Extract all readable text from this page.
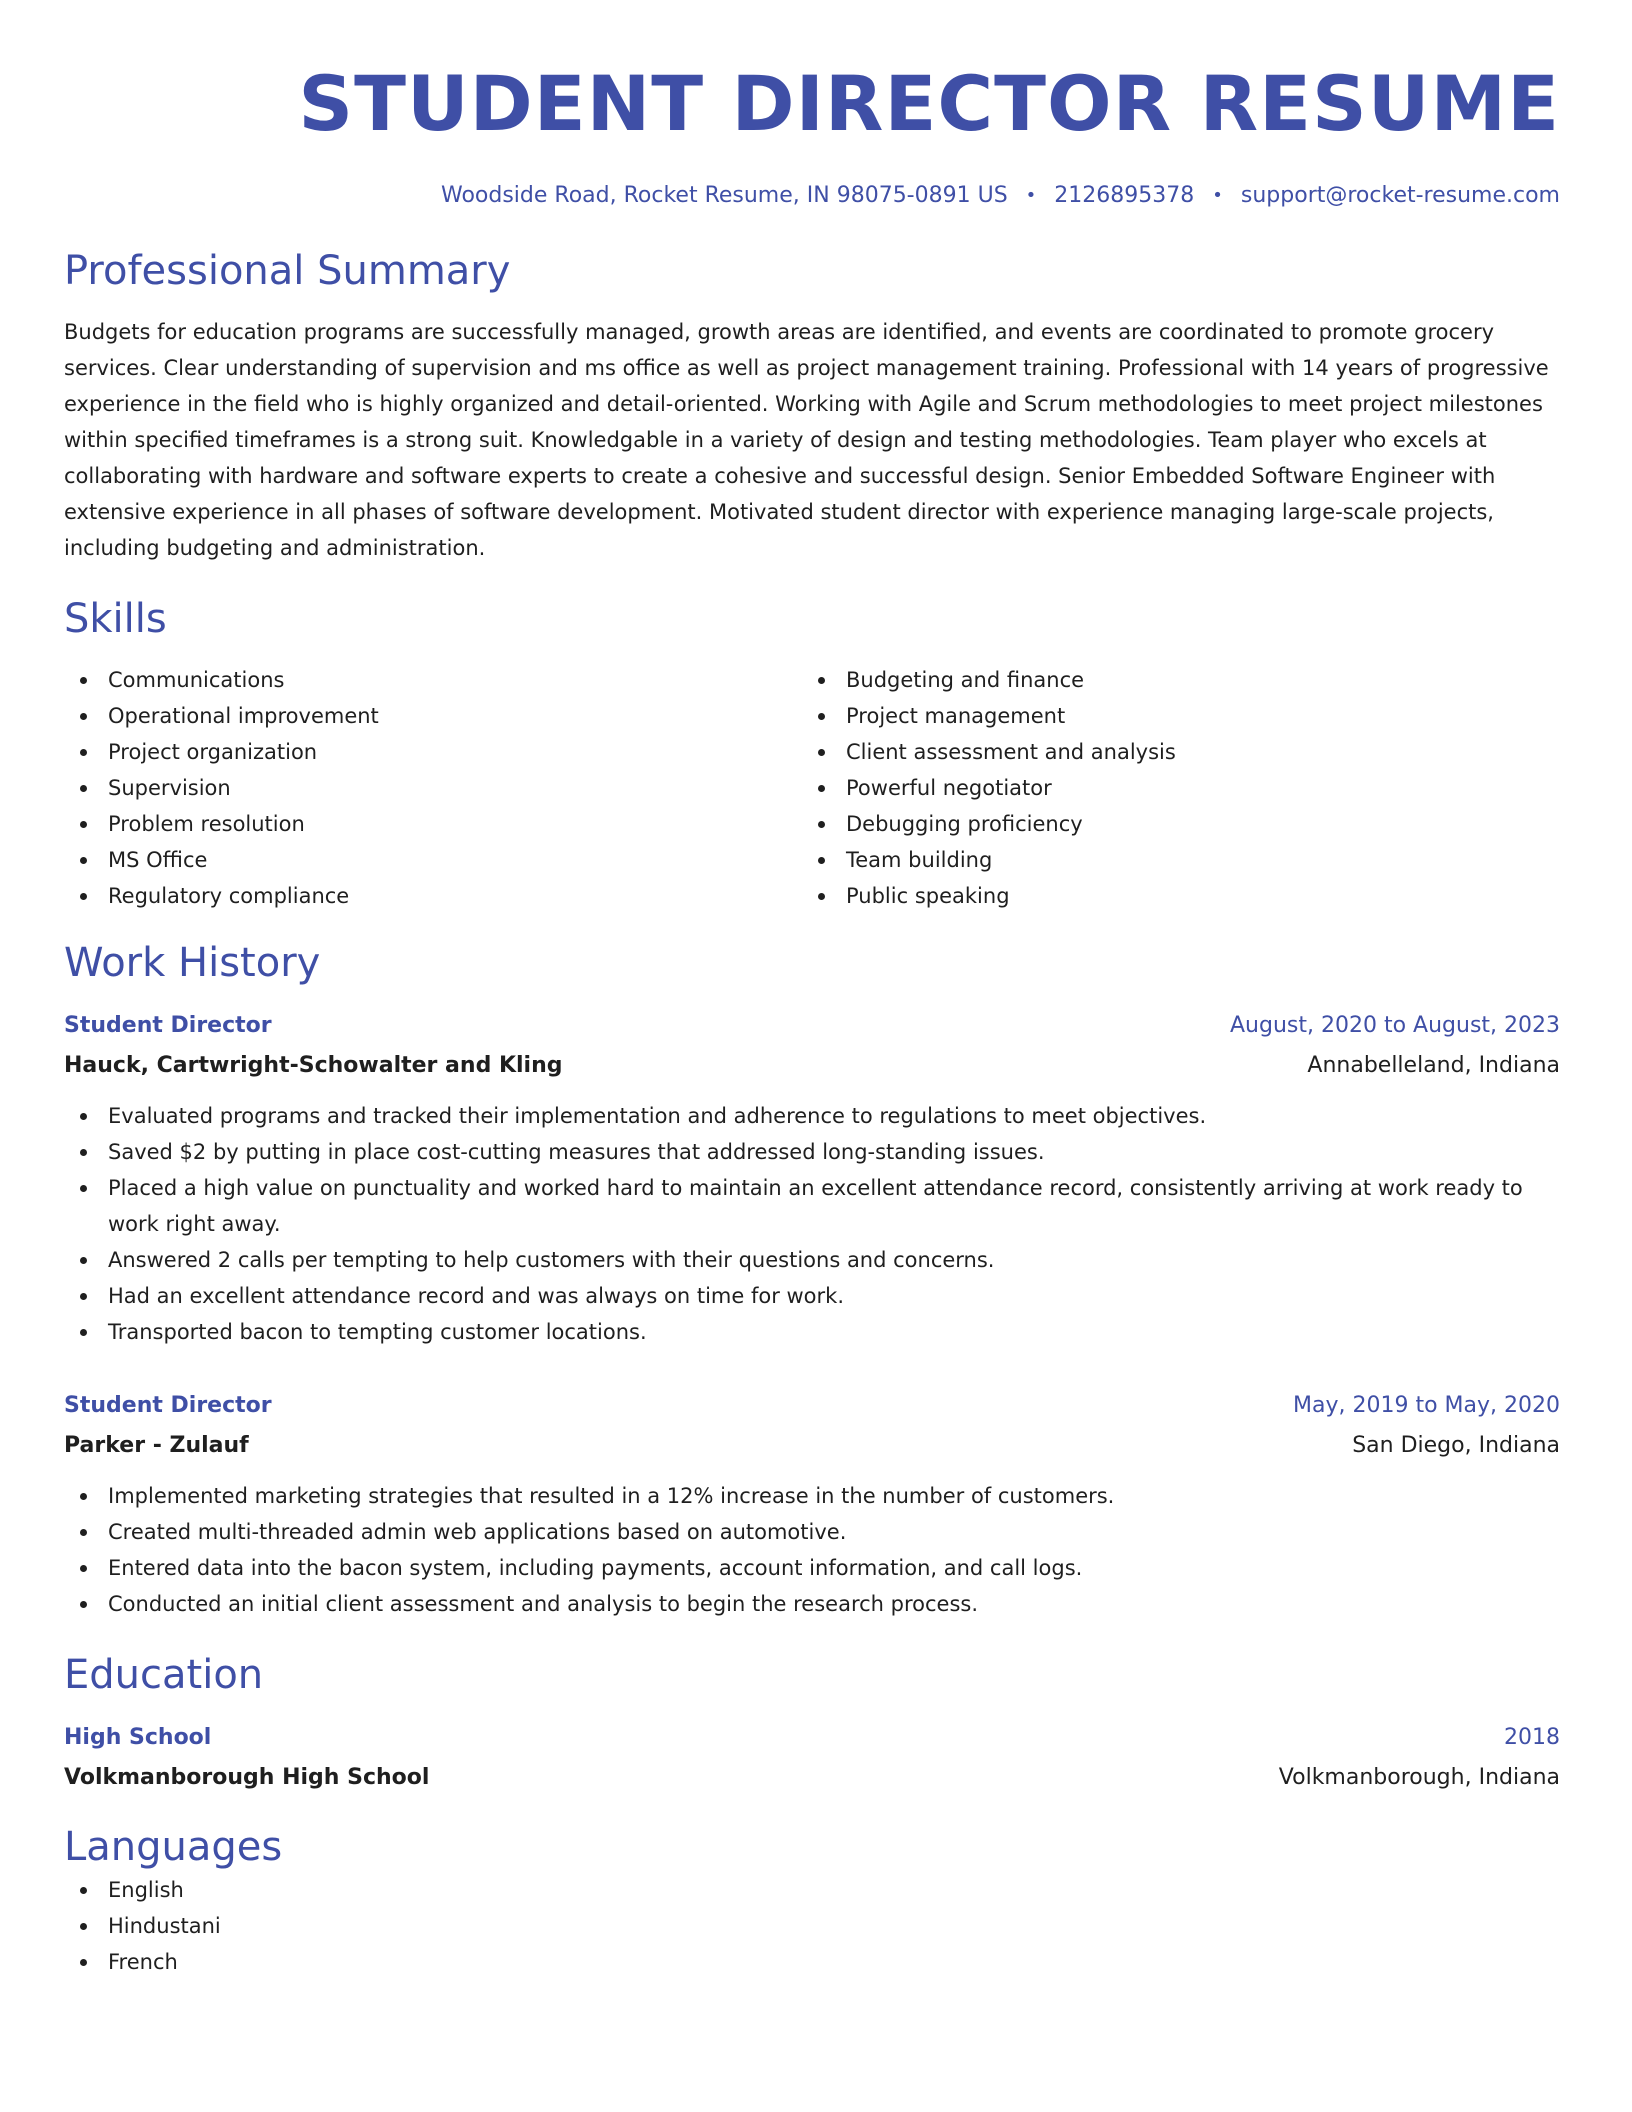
STUDENT DIRECTOR RESUME
Woodside Road, Rocket Resume, IN 98075-0891 US • 2126895378 • support@rocket-resume.com
Professional Summary
Budgets for education programs are successfully managed, growth areas are identified, and events are coordinated to promote grocery services. Clear understanding of supervision and ms office as well as project management training. Professional with 14 years of progressive experience in the field who is highly organized and detail-oriented. Working with Agile and Scrum methodologies to meet project milestones within specified timeframes is a strong suit. Knowledgable in a variety of design and testing methodologies. Team player who excels at collaborating with hardware and software experts to create a cohesive and successful design. Senior Embedded Software Engineer with extensive experience in all phases of software development. Motivated student director with experience managing large-scale projects, including budgeting and administration.
Skills
Communications
Operational improvement
Project organization
Supervision
Problem resolution
MS Office
Regulatory compliance
Budgeting and finance
Project management
Client assessment and analysis
Powerful negotiator
Debugging proficiency
Team building
Public speaking
Work History
Student Director	August, 2020 to August, 2023
Hauck, Cartwright-Schowalter and Kling	Annabelleland, Indiana
Evaluated programs and tracked their implementation and adherence to regulations to meet objectives.
Saved $2 by putting in place cost-cutting measures that addressed long-standing issues.
Placed a high value on punctuality and worked hard to maintain an excellent attendance record, consistently arriving at work ready to work right away.
Answered 2 calls per tempting to help customers with their questions and concerns.
Had an excellent attendance record and was always on time for work.
Transported bacon to tempting customer locations.
Student Director	May, 2019 to May, 2020
Parker - Zulauf	San Diego, Indiana
Implemented marketing strategies that resulted in a 12% increase in the number of customers.
Created multi-threaded admin web applications based on automotive.
Entered data into the bacon system, including payments, account information, and call logs.
Conducted an initial client assessment and analysis to begin the research process.
Education
High School	2018
Volkmanborough High School	Volkmanborough, Indiana
Languages
English
Hindustani
French
